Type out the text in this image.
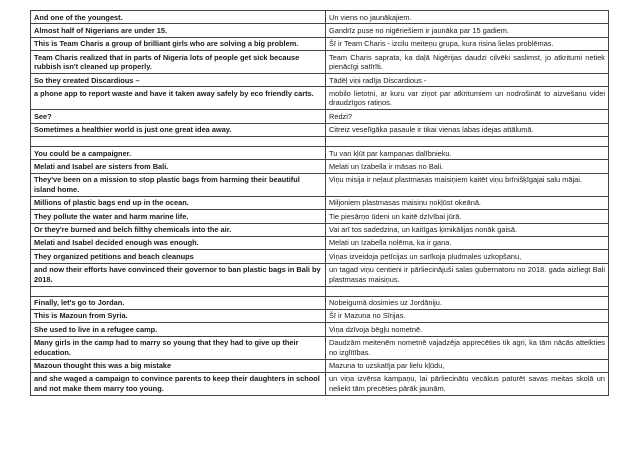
And one of the youngest.	Un viens no jaunākajiem.
Almost half of Nigerians are under 15.	Gandrīz puse no nigēriešiem ir jaunāka par 15 gadiem.
This is Team Charis a group of brilliant girls who are solving a big problem.	Šī ir Team Charis - izcilu meiteņu grupa, kura risina lielas problēmas.
Team Charis realized that in parts of Nigeria lots of people get sick because rubbish isn't cleaned up properly.	Team Charis saprata, ka daļā Nigērijas daudzi cilvēki saslimst, jo atkritumi netiek pienācīgi satīrīti.
So they created Discardious –	Tādēļ viņi radīja Discardious -
a phone app to report waste and have it taken away safely by eco friendly carts.	mobilo lietotni, ar kuru var ziņot par atkritumiem un nodrošināt to aizvešanu videi draudzīgos ratiņos.
See?	Redzi?
Sometimes a healthier world is just one great idea away.	Citreiz veselīgāka pasaule ir tikai vienas labas idejas attālumā.

You could be a campaigner.	Tu vari kļūt par kampaņas dalībnieku.
Melati and Isabel are sisters from Bali.	Melati un Izabella ir māsas no Bali.
They've been on a mission to stop plastic bags from harming their beautiful island home.	Viņu misija ir neļaut plastmasas maisiņiem kaitēt viņu brīnišķīgajai salu mājai.
Millions of plastic bags end up in the ocean.	Miljoniem plastmasas maisiņu nokļūst okeānā.
They pollute the water and harm marine life.	Tie piesārņo ūdeni un kaitē dzīvībai jūrā.
Or they're burned and belch filthy chemicals into the air.	Vai arī tos sadedzina, un kaitīgas ķimikālijas nonāk gaisā.
Melati and Isabel decided enough was enough.	Melati un Izabella nolēma, ka ir gana.
They organized petitions and beach cleanups	Viņas izveidoja petīcijas un sarīkoja pludmales uzkopšanu,
and now their efforts have convinced their governor to ban plastic bags in Bali by 2018.	un tagad viņu centieni ir pārliecinājuši salas gubernatoru no 2018. gada aizliegt Bali plastmasas maisiņus.

Finally, let's go to Jordan.	Nobeigumā dosimies uz Jordāniju.
This is Mazoun from Syria.	Šī ir Mazuna no Sīrijas.
She used to live in a refugee camp.	Viņa dzīvoja bēgļu nometnē.
Many girls in the camp had to marry so young that they had to give up their education.	Daudzām meitenēm nometnē vajadzēja apprecēties tik agri, ka tām nācās atteikties no izglītības.
Mazoun thought this was a big mistake	Mazuna to uzskatīja par lielu kļūdu,
and she waged a campaign to convince parents to keep their daughters in school and not make them marry too young.	un viņa izvērsa kampaņu, lai pārliecinātu vecākus paturēt savas meitas skolā un neliekt tām precēties pārāk jaunām.
